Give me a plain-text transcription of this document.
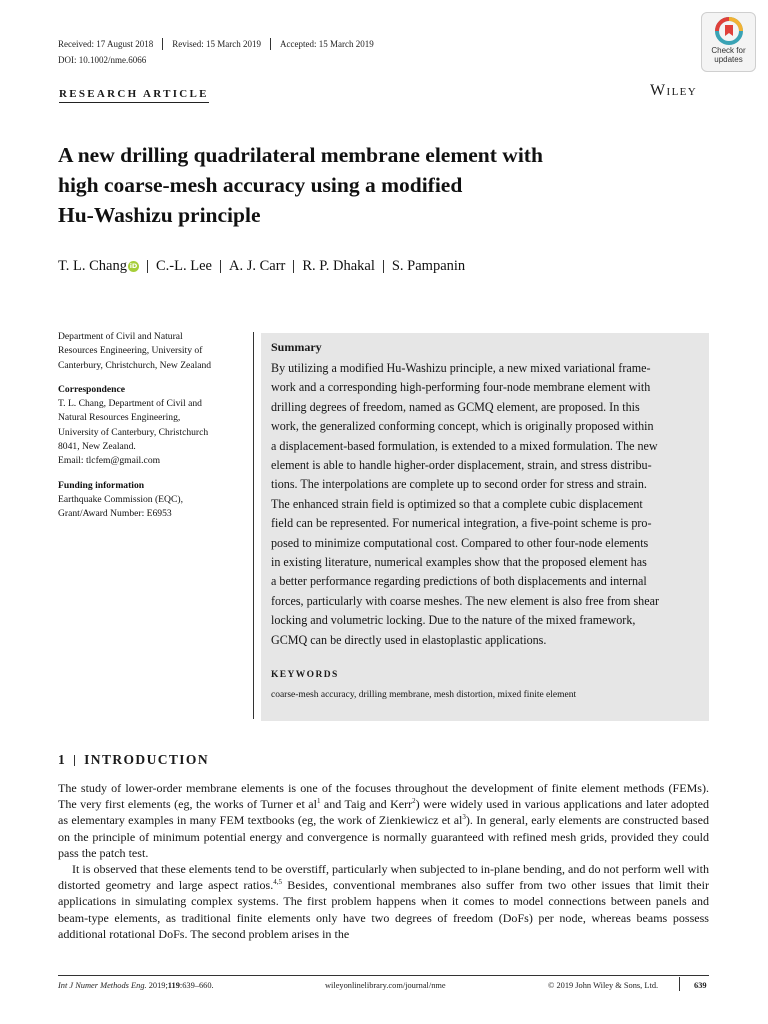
Received: 17 August 2018 Revised: 15 March 2019 Accepted: 15 March 2019
DOI: 10.1002/nme.6066
Check for
updates
RESEARCH ARTICLE	Wiley
A new drilling quadrilateral membrane element with
high coarse-mesh accuracy using a modified
Hu-Washizu principle
T. L. Chang iD C.-L. Lee A. J. Carr R. P. Dhakal S. Pampanin

Department of Civil and Natural

Resources Engineering, University of

Canterbury, Christchurch, New Zealand

Correspondence

T. L. Chang, Department of Civil and

Natural Resources Engineering,

University of Canterbury, Christchurch

8041, New Zealand.

Email: tlcfem@gmail.com

Funding information

Earthquake Commission (EQC),

Grant/Award Number: E6953

Summary
By utilizing a modified Hu-Washizu principle, a new mixed variational frame-
work and a corresponding high-performing four-node membrane element with
drilling degrees of freedom, named as GCMQ element, are proposed. In this
work, the generalized conforming concept, which is originally proposed within
a displacement-based formulation, is extended to a mixed formulation. The new
element is able to handle higher-order displacement, strain, and stress distribu-
tions. The interpolations are complete up to second order for stress and strain.
The enhanced strain field is optimized so that a complete cubic displacement
field can be represented. For numerical integration, a five-point scheme is pro-
posed to minimize computational cost. Compared to other four-node elements
in existing literature, numerical examples show that the proposed element has
a better performance regarding predictions of both displacements and internal
forces, particularly with coarse meshes. The new element is also free from shear
locking and volumetric locking. Due to the nature of the mixed framework,
GCMQ can be directly used in elastoplastic applications.
KEYWORDS
coarse-mesh accuracy, drilling membrane, mesh distortion, mixed finite element
1 INTRODUCTION

The study of lower-order membrane elements is one of the focuses throughout the development of finite element methods (FEMs). The very first elements (eg, the works of Turner et $al^1$ and Taig and Kerr$^2$) were widely used in various applications and later adopted as elementary examples in many FEM textbooks (eg, the work of Zienkiewicz et $al^3$). In general, early elements are constructed based on the principle of minimum potential energy and convergence is normally guaranteed with refined mesh grids, provided they could pass the patch test.

It is observed that these elements tend to be overstiff, particularly when subjected to in-plane bending, and do not perform well with distorted geometry and large aspect ratios.$^{4,5}$ Besides, conventional membranes also suffer from two other issues that limit their applications in simulating complex systems. The first problem happens when it comes to model connections between panels and beam-type elements, as traditional finite elements only have two degrees of freedom (DoFs) per node, whereas beams possess additional rotational DoFs. The second problem arises in the

Int J Numer Methods Eng. 2019;119:639–660.	wileyonlinelibrary.com/journal/nme	© 2019 John Wiley & Sons, Ltd.	639
